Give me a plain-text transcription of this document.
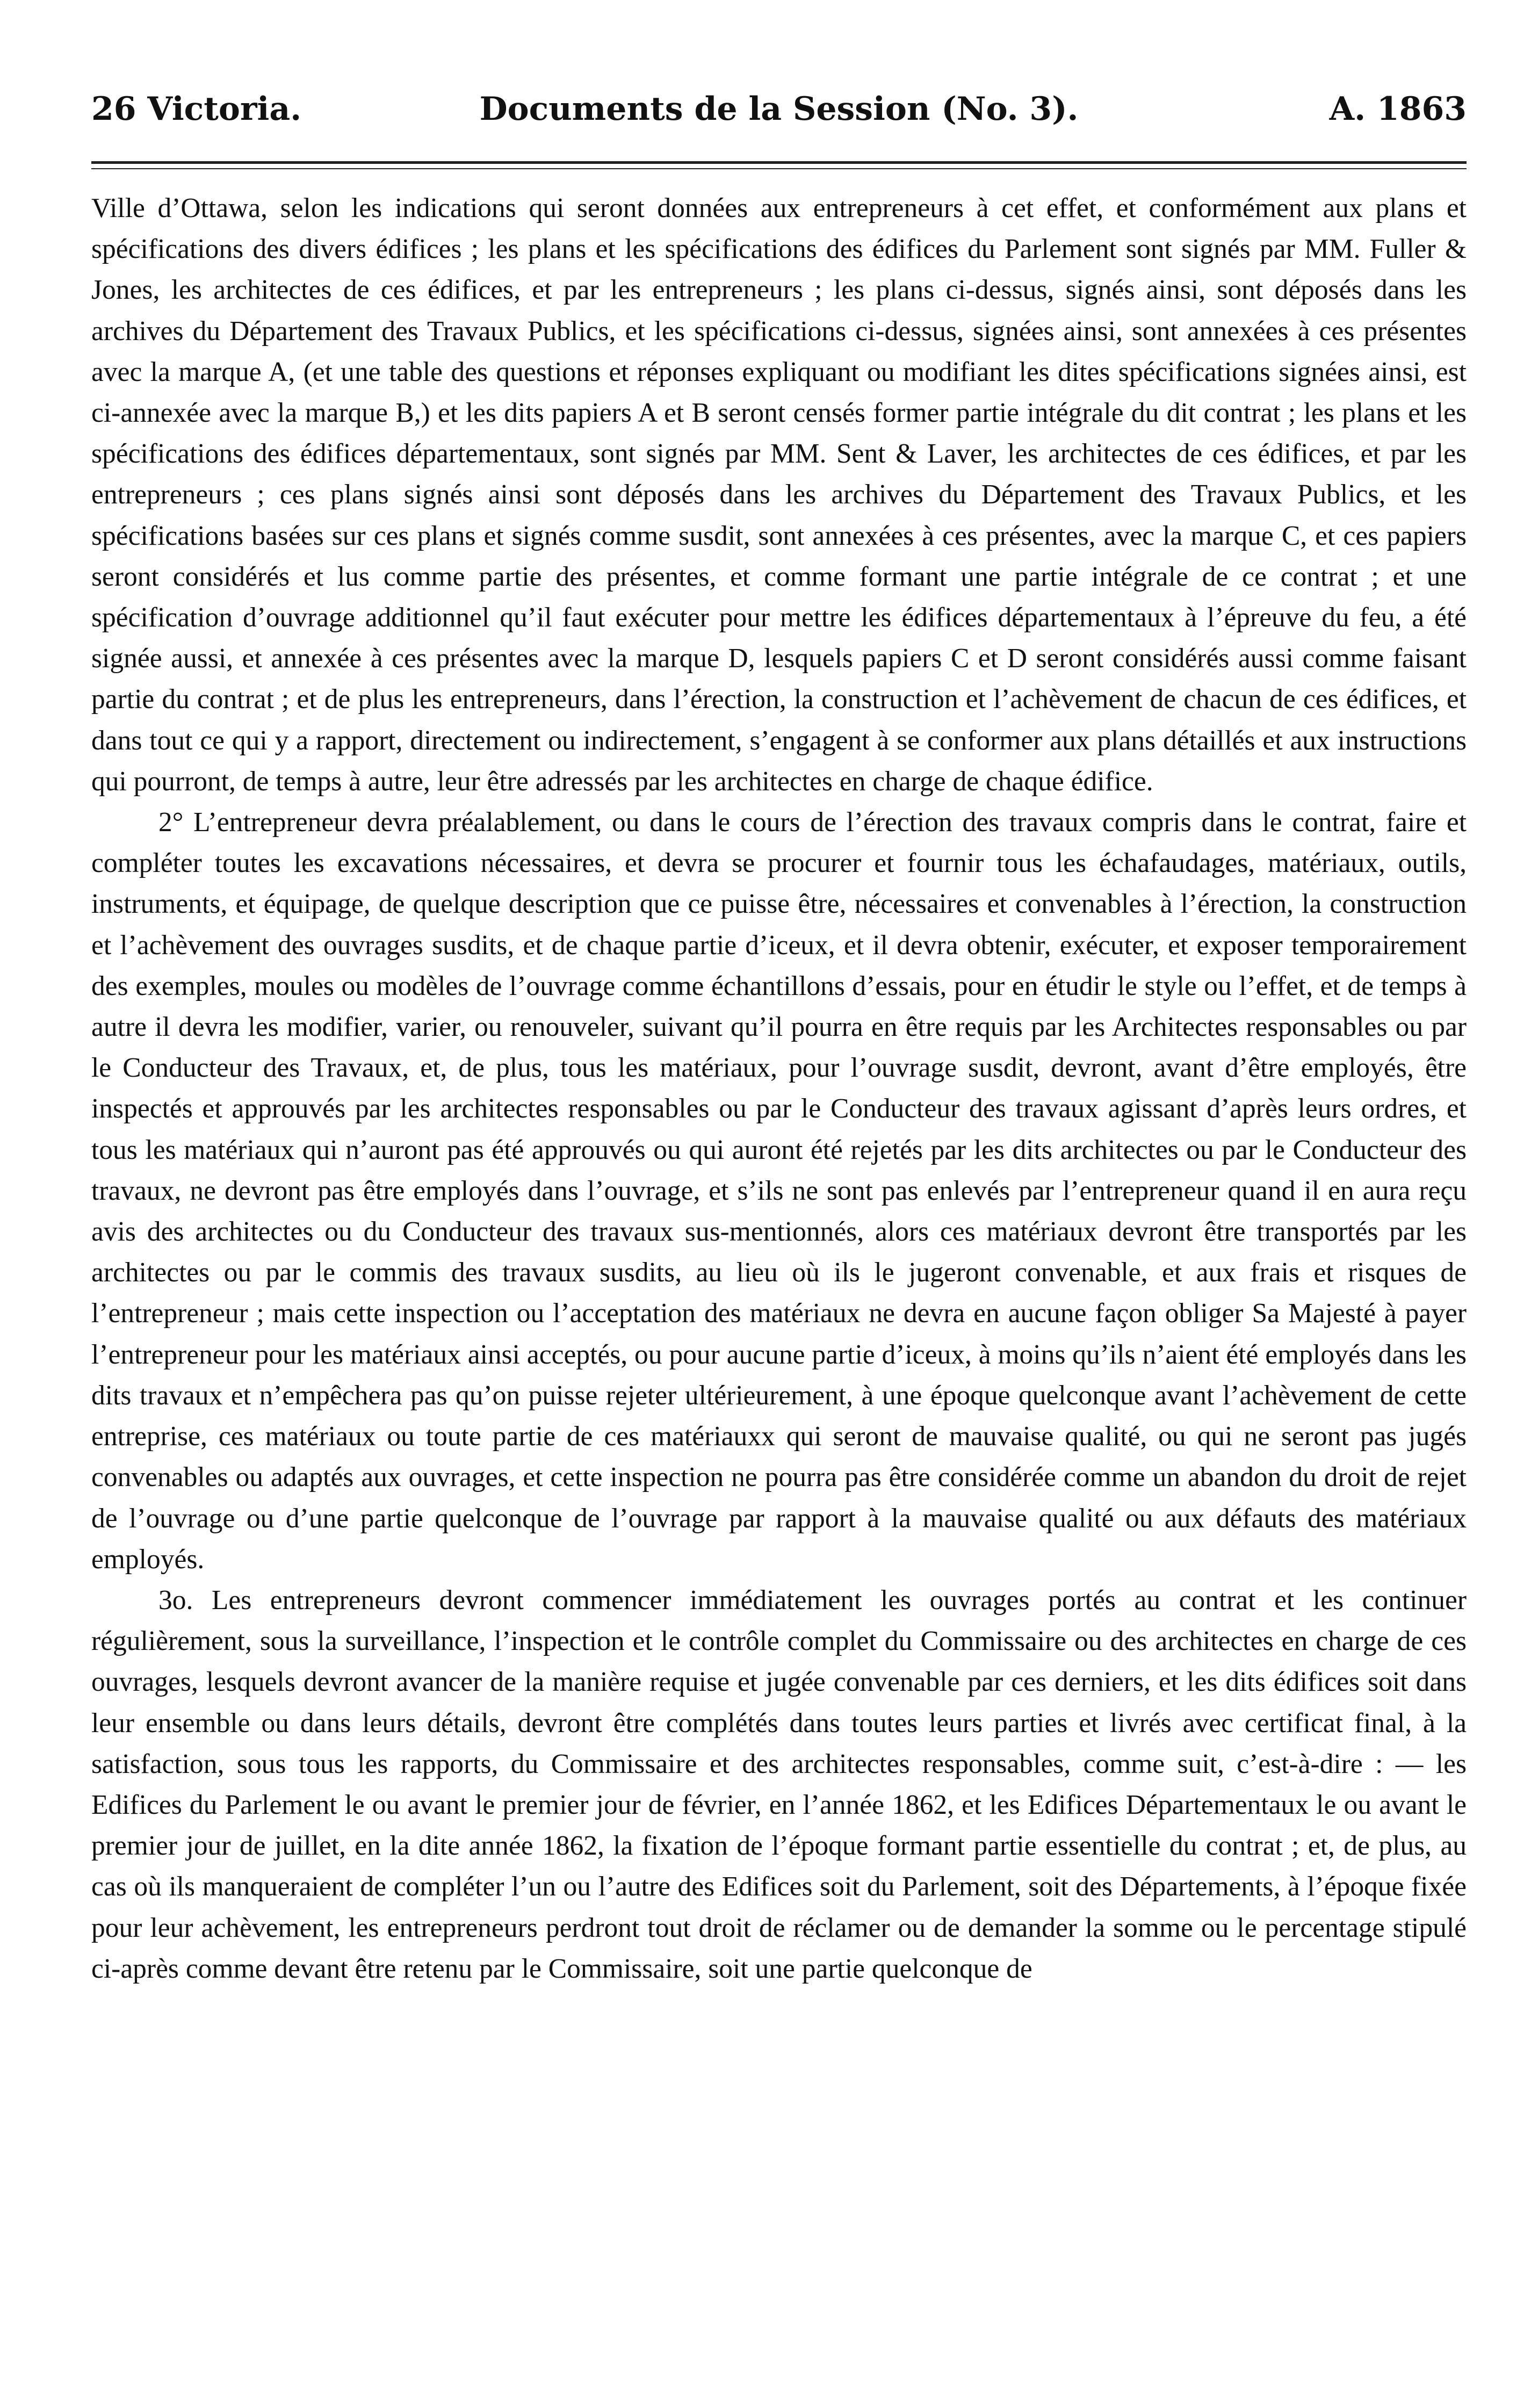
26 Victoria.	Documents de la Session (No. 3).	A. 1863

Ville d’Ottawa, selon les indications qui seront données aux entrepreneurs à cet effet, et conformément aux plans et spécifications des divers édifices ; les plans et les spécifications des édifices du Parlement sont signés par MM. Fuller & Jones, les architectes de ces édifices, et par les entrepreneurs ; les plans ci-dessus, signés ainsi, sont déposés dans les archives du Département des Travaux Publics, et les spécifications ci-dessus, signées ainsi, sont annexées à ces présentes avec la marque A, (et une table des questions et réponses expliquant ou modifiant les dites spécifications signées ainsi, est ci-annexée avec la marque B,) et les dits papiers A et B seront censés former partie intégrale du dit contrat ; les plans et les spécifications des édifices départementaux, sont signés par MM. Sent & Laver, les architectes de ces édifices, et par les entrepreneurs ; ces plans signés ainsi sont déposés dans les archives du Département des Travaux Publics, et les spécifications basées sur ces plans et signés comme susdit, sont annexées à ces présentes, avec la marque C, et ces papiers seront considérés et lus comme partie des présentes, et comme formant une partie intégrale de ce contrat ; et une spécification d’ouvrage additionnel qu’il faut exécuter pour mettre les édifices départementaux à l’épreuve du feu, a été signée aussi, et annexée à ces présentes avec la marque D, lesquels papiers C et D seront considérés aussi comme faisant partie du contrat ; et de plus les entrepreneurs, dans l’érection, la construction et l’achèvement de chacun de ces édifices, et dans tout ce qui y a rapport, directement ou indirectement, s’engagent à se conformer aux plans détaillés et aux instructions qui pourront, de temps à autre, leur être adressés par les architectes en charge de chaque édifice.

2° L’entrepreneur devra préalablement, ou dans le cours de l’érection des travaux compris dans le contrat, faire et compléter toutes les excavations nécessaires, et devra se procurer et fournir tous les échafaudages, matériaux, outils, instruments, et équipage, de quelque description que ce puisse être, nécessaires et convenables à l’érection, la construction et l’achèvement des ouvrages susdits, et de chaque partie d’iceux, et il devra obtenir, exécuter, et exposer temporairement des exemples, moules ou modèles de l’ouvrage comme échantillons d’essais, pour en étudir le style ou l’effet, et de temps à autre il devra les modifier, varier, ou renouveler, suivant qu’il pourra en être requis par les Architectes responsables ou par le Conducteur des Travaux, et, de plus, tous les matériaux, pour l’ouvrage susdit, devront, avant d’être employés, être inspectés et approuvés par les architectes responsables ou par le Conducteur des travaux agissant d’après leurs ordres, et tous les matériaux qui n’auront pas été approuvés ou qui auront été rejetés par les dits architectes ou par le Conducteur des travaux, ne devront pas être employés dans l’ouvrage, et s’ils ne sont pas enlevés par l’entrepreneur quand il en aura reçu avis des architectes ou du Conducteur des travaux sus-mentionnés, alors ces matériaux devront être transportés par les architectes ou par le commis des travaux susdits, au lieu où ils le jugeront convenable, et aux frais et risques de l’entrepreneur ; mais cette inspection ou l’acceptation des matériaux ne devra en aucune façon obliger Sa Majesté à payer l’entrepreneur pour les matériaux ainsi acceptés, ou pour aucune partie d’iceux, à moins qu’ils n’aient été employés dans les dits travaux et n’empêchera pas qu’on puisse rejeter ultérieurement, à une époque quelconque avant l’achèvement de cette entreprise, ces matériaux ou toute partie de ces matériauxx qui seront de mauvaise qualité, ou qui ne seront pas jugés convenables ou adaptés aux ouvrages, et cette inspection ne pourra pas être considérée comme un abandon du droit de rejet de l’ouvrage ou d’une partie quelconque de l’ouvrage par rapport à la mauvaise qualité ou aux défauts des matériaux employés.

3o. Les entrepreneurs devront commencer immédiatement les ouvrages portés au contrat et les continuer régulièrement, sous la surveillance, l’inspection et le contrôle complet du Commissaire ou des architectes en charge de ces ouvrages, lesquels devront avancer de la manière requise et jugée convenable par ces derniers, et les dits édifices soit dans leur ensemble ou dans leurs détails, devront être complétés dans toutes leurs parties et livrés avec certificat final, à la satisfaction, sous tous les rapports, du Commissaire et des architectes responsables, comme suit, c’est-à-dire : — les Edifices du Parlement le ou avant le premier jour de février, en l’année 1862, et les Edifices Départementaux le ou avant le premier jour de juillet, en la dite année 1862, la fixation de l’époque formant partie essentielle du contrat ; et, de plus, au cas où ils manqueraient de compléter l’un ou l’autre des Edifices soit du Parlement, soit des Départements, à l’époque fixée pour leur achèvement, les entrepreneurs perdront tout droit de réclamer ou de demander la somme ou le percentage stipulé ci-après comme devant être retenu par le Commissaire, soit une partie quelconque de
